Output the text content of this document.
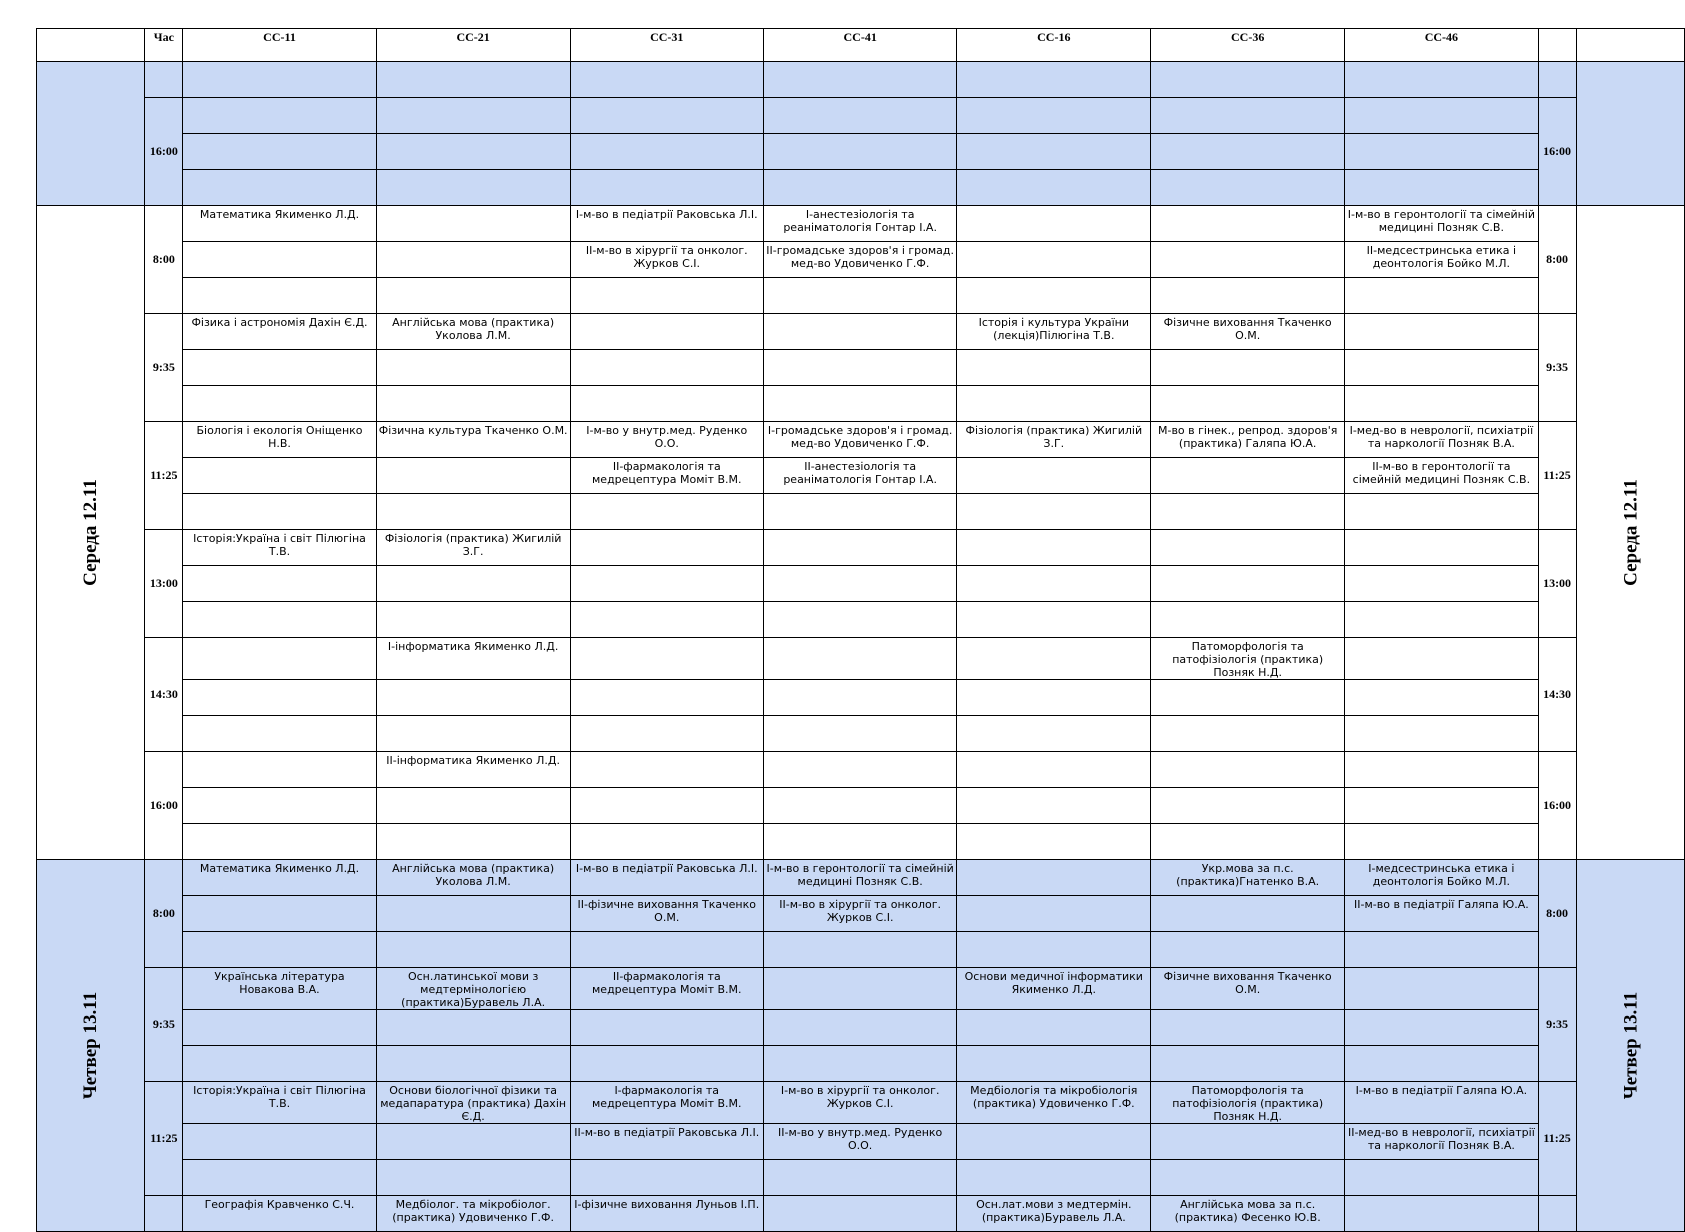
	Час	СС-11	СС-21	СС-31	СС-41	СС-16	СС-36	СС-46		

	16:00								16:00	

Середа 12.11	8:00	Математика Якименко Л.Д.		I-м-во в педіатрії Раковська Л.І.	I-анестезіологія та реаніматологія Гонтар І.А.			I-м-во в геронтології та сімейній медицині Позняк С.В.	8:00	Середа 12.11

				II-м-во в хірургії та онколог. Журков С.І.	II-громадське здоров'я і громад. мед-во Удовиченко Г.Ф.			II-медсестринська етика і деонтологія Бойко М.Л.		

	9:35	Фізика і астрономія Дахін Є.Д.	Англійська мова (практика) Уколова Л.М.			Історія і культура України (лекція)Пілюгіна Т.В.	Фізичне виховання Ткаченко О.М.		9:35	

	11:25	Біологія і екологія Оніщенко Н.В.	Фізична культура Ткаченко О.М.	I-м-во у внутр.мед. Руденко О.О.	I-громадське здоров'я і громад. мед-во Удовиченко Г.Ф.	Фізіологія (практика) Жигилій З.Г.	М-во в гінек., репрод. здоров'я (практика) Галяпа Ю.А.	I-мед-во в неврології, психіатрії та наркології Позняк В.А.	11:25	
				II-фармакологія та медрецептура Моміт В.М.	II-анестезіологія та реаніматологія Гонтар І.А.			II-м-во в геронтології та сімейній медицині Позняк С.В.		

	13:00	Історія:Україна і світ Пілюгіна Т.В.	Фізіологія (практика) Жигилій З.Г.						13:00	

	14:30		I-інформатика Якименко Л.Д.				Патоморфологія та патофізіологія (практика) Позняк Н.Д.		14:30	

	16:00		II-інформатика Якименко Л.Д.						16:00	

Четвер 13.11	8:00	Математика Якименко Л.Д.	Англійська мова (практика) Уколова Л.М.	I-м-во в педіатрії Раковська Л.І.	I-м-во в геронтології та сімейній медицині Позняк С.В.		Укр.мова за п.с. (практика)Гнатенко В.А.	I-медсестринська етика і деонтологія Бойко М.Л.	8:00	Четвер 13.11

				II-фізичне виховання Ткаченко О.М.	II-м-во в хірургії та онколог. Журков С.І.			II-м-во в педіатрії Галяпа Ю.А.		

	9:35	Українська література Новакова В.А.	Осн.латинської мови з медтермінологією (практика)Буравель Л.А.	II-фармакологія та медрецептура Моміт В.М.		Основи медичної інформатики Якименко Л.Д.	Фізичне виховання Ткаченко О.М.		9:35	

	11:25	Історія:Україна і світ Пілюгіна Т.В.	Основи біологічної фізики та медапаратура (практика) Дахін Є.Д.	I-фармакологія та медрецептура Моміт В.М.	I-м-во в хірургії та онколог. Журков С.І.	Медбіологія та мікробіологія (практика) Удовиченко Г.Ф.	Патоморфологія та патофізіологія (практика) Позняк Н.Д.	I-м-во в педіатрії Галяпа Ю.А.	11:25	
				II-м-во в педіатрії Раковська Л.І.	II-м-во у внутр.мед. Руденко О.О.			II-мед-во в неврології, психіатрії та наркології Позняк В.А.		

		Географія Кравченко С.Ч.	Медбіолог. та мікробіолог. (практика) Удовиченко Г.Ф.	I-фізичне виховання Луньов І.П.		Осн.лат.мови з медтермін. (практика)Буравель Л.А.	Англійська мова за п.с. (практика) Фесенко Ю.В.			
